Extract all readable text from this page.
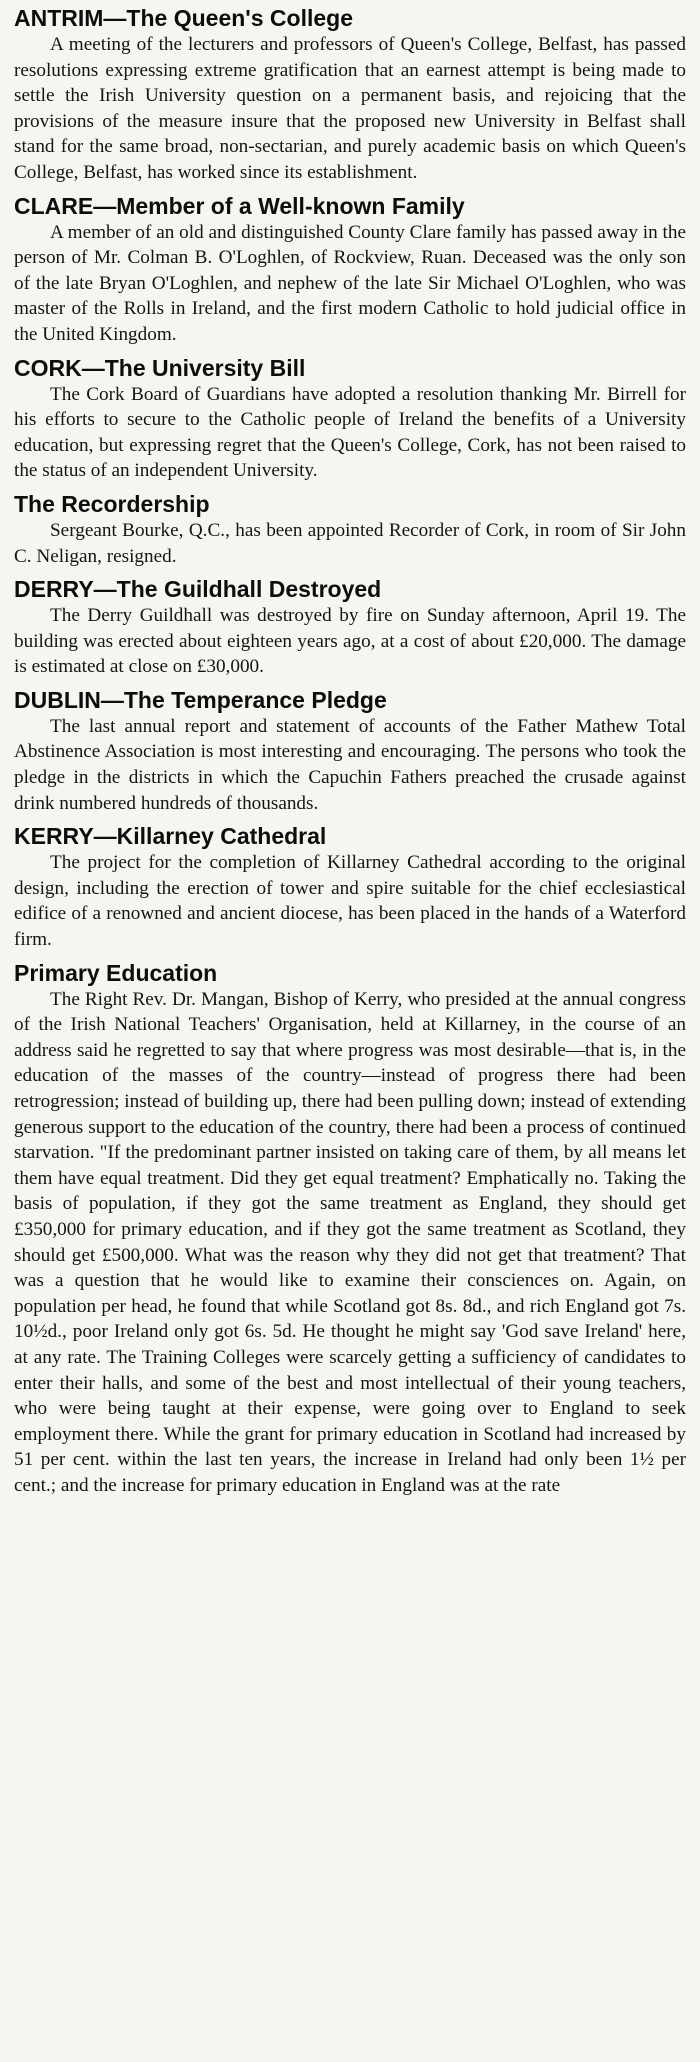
ANTRIM—The Queen's College

A meeting of the lecturers and professors of Queen's College, Belfast, has passed resolutions expressing extreme gratification that an earnest attempt is being made to settle the Irish University question on a permanent basis, and rejoicing that the provisions of the measure insure that the proposed new University in Belfast shall stand for the same broad, non-sectarian, and purely academic basis on which Queen's College, Belfast, has worked since its establishment.

CLARE—Member of a Well-known Family

A member of an old and distinguished County Clare family has passed away in the person of Mr. Colman B. O'Loghlen, of Rockview, Ruan. Deceased was the only son of the late Bryan O'Loghlen, and nephew of the late Sir Michael O'Loghlen, who was master of the Rolls in Ireland, and the first modern Catholic to hold judicial office in the United Kingdom.

CORK—The University Bill

The Cork Board of Guardians have adopted a resolution thanking Mr. Birrell for his efforts to secure to the Catholic people of Ireland the benefits of a University education, but expressing regret that the Queen's College, Cork, has not been raised to the status of an independent University.

The Recordership

Sergeant Bourke, Q.C., has been appointed Recorder of Cork, in room of Sir John C. Neligan, resigned.

DERRY—The Guildhall Destroyed

The Derry Guildhall was destroyed by fire on Sunday afternoon, April 19. The building was erected about eighteen years ago, at a cost of about £20,000. The damage is estimated at close on £30,000.

DUBLIN—The Temperance Pledge

The last annual report and statement of accounts of the Father Mathew Total Abstinence Association is most interesting and encouraging. The persons who took the pledge in the districts in which the Capuchin Fathers preached the crusade against drink numbered hundreds of thousands.

KERRY—Killarney Cathedral

The project for the completion of Killarney Cathedral according to the original design, including the erection of tower and spire suitable for the chief ecclesiastical edifice of a renowned and ancient diocese, has been placed in the hands of a Waterford firm.

Primary Education

The Right Rev. Dr. Mangan, Bishop of Kerry, who presided at the annual congress of the Irish National Teachers' Organisation, held at Killarney, in the course of an address said he regretted to say that where progress was most desirable—that is, in the education of the masses of the country—instead of progress there had been retrogression; instead of building up, there had been pulling down; instead of extending generous support to the education of the country, there had been a process of continued starvation. "If the predominant partner insisted on taking care of them, by all means let them have equal treatment. Did they get equal treatment? Emphatically no. Taking the basis of population, if they got the same treatment as England, they should get £350,000 for primary education, and if they got the same treatment as Scotland, they should get £500,000. What was the reason why they did not get that treatment? That was a question that he would like to examine their consciences on. Again, on population per head, he found that while Scotland got 8s. 8d., and rich England got 7s. 10½d., poor Ireland only got 6s. 5d. He thought he might say 'God save Ireland' here, at any rate. The Training Colleges were scarcely getting a sufficiency of candidates to enter their halls, and some of the best and most intellectual of their young teachers, who were being taught at their expense, were going over to England to seek employment there. While the grant for primary education in Scotland had increased by 51 per cent. within the last ten years, the increase in Ireland had only been 1½ per cent.; and the increase for primary education in England was at the rate
